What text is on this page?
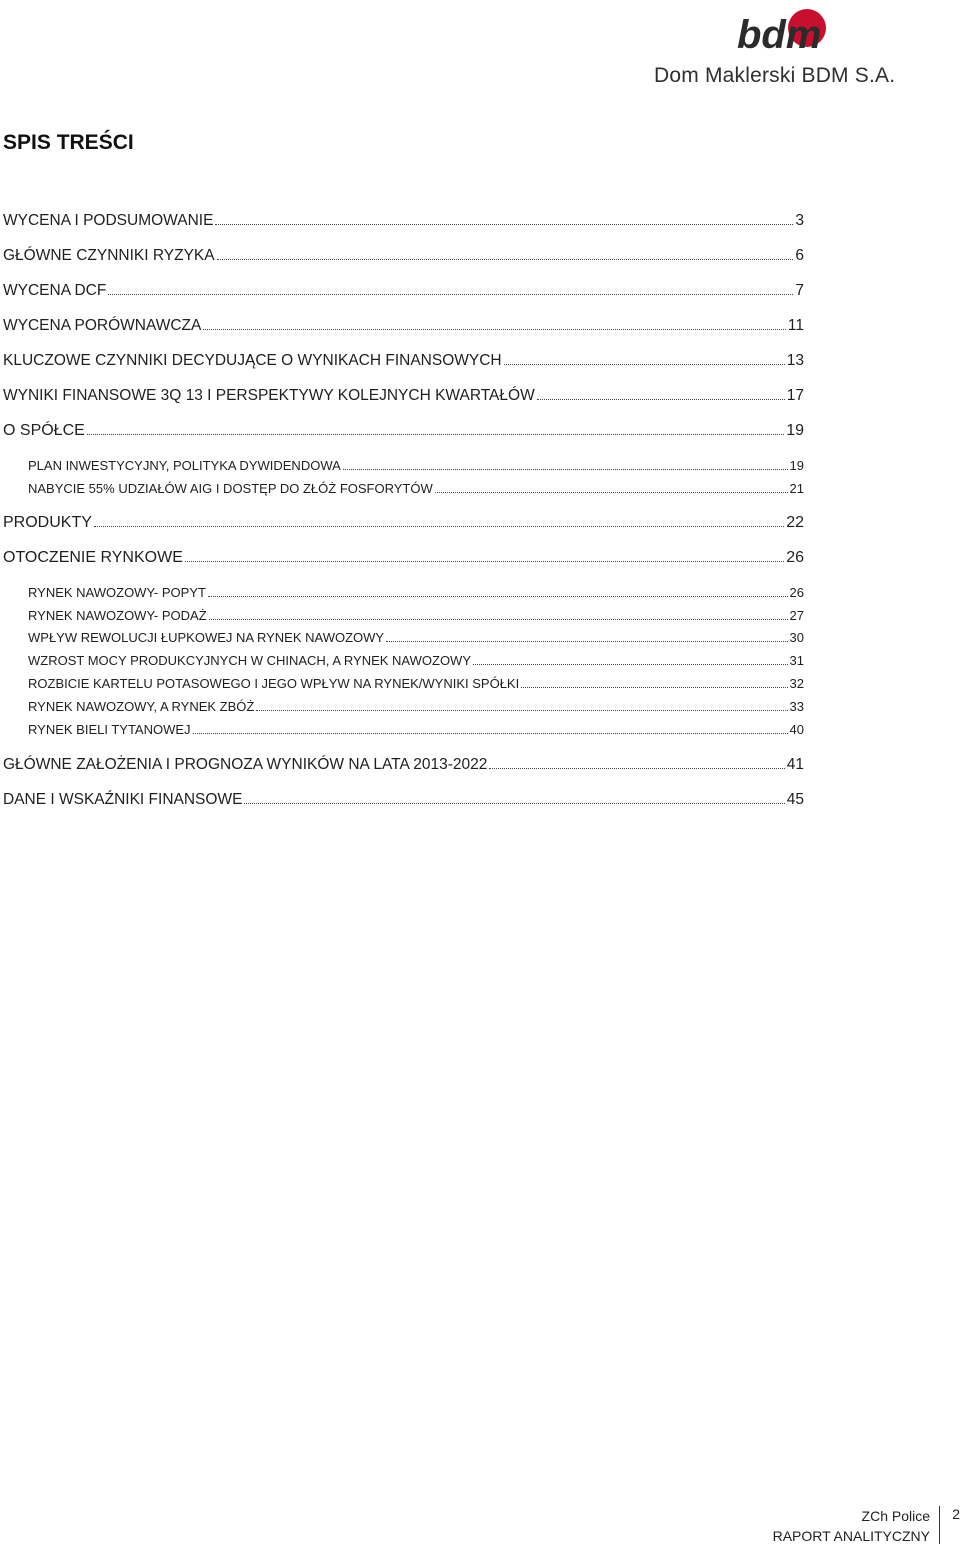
bdm
Dom Maklerski BDM S.A.
SPIS TREŚCI
WYCENA I PODSUMOWANIE	3
GŁÓWNE CZYNNIKI RYZYKA	6
WYCENA DCF	7
WYCENA PORÓWNAWCZA	11
KLUCZOWE CZYNNIKI DECYDUJĄCE O WYNIKACH FINANSOWYCH	13
WYNIKI FINANSOWE 3Q 13 I PERSPEKTYWY KOLEJNYCH KWARTAŁÓW	17
O SPÓŁCE	19
PLAN INWESTYCYJNY, POLITYKA DYWIDENDOWA	19
NABYCIE 55% UDZIAŁÓW AIG I DOSTĘP DO ZŁÓŻ FOSFORYTÓW	21
PRODUKTY	22
OTOCZENIE RYNKOWE	26
RYNEK NAWOZOWY- POPYT	26
RYNEK NAWOZOWY- PODAŻ	27
WPŁYW REWOLUCJI ŁUPKOWEJ NA RYNEK NAWOZOWY	30
WZROST MOCY PRODUKCYJNYCH W CHINACH, A RYNEK NAWOZOWY	31
ROZBICIE KARTELU POTASOWEGO I JEGO WPŁYW NA RYNEK/WYNIKI SPÓŁKI	32
RYNEK NAWOZOWY, A RYNEK ZBÓŻ	33
RYNEK BIELI TYTANOWEJ	40
GŁÓWNE ZAŁOŻENIA I PROGNOZA WYNIKÓW NA LATA 2013-2022	41
DANE I WSKAŹNIKI FINANSOWE	45
ZCh Police
RAPORT ANALITYCZNY
2
